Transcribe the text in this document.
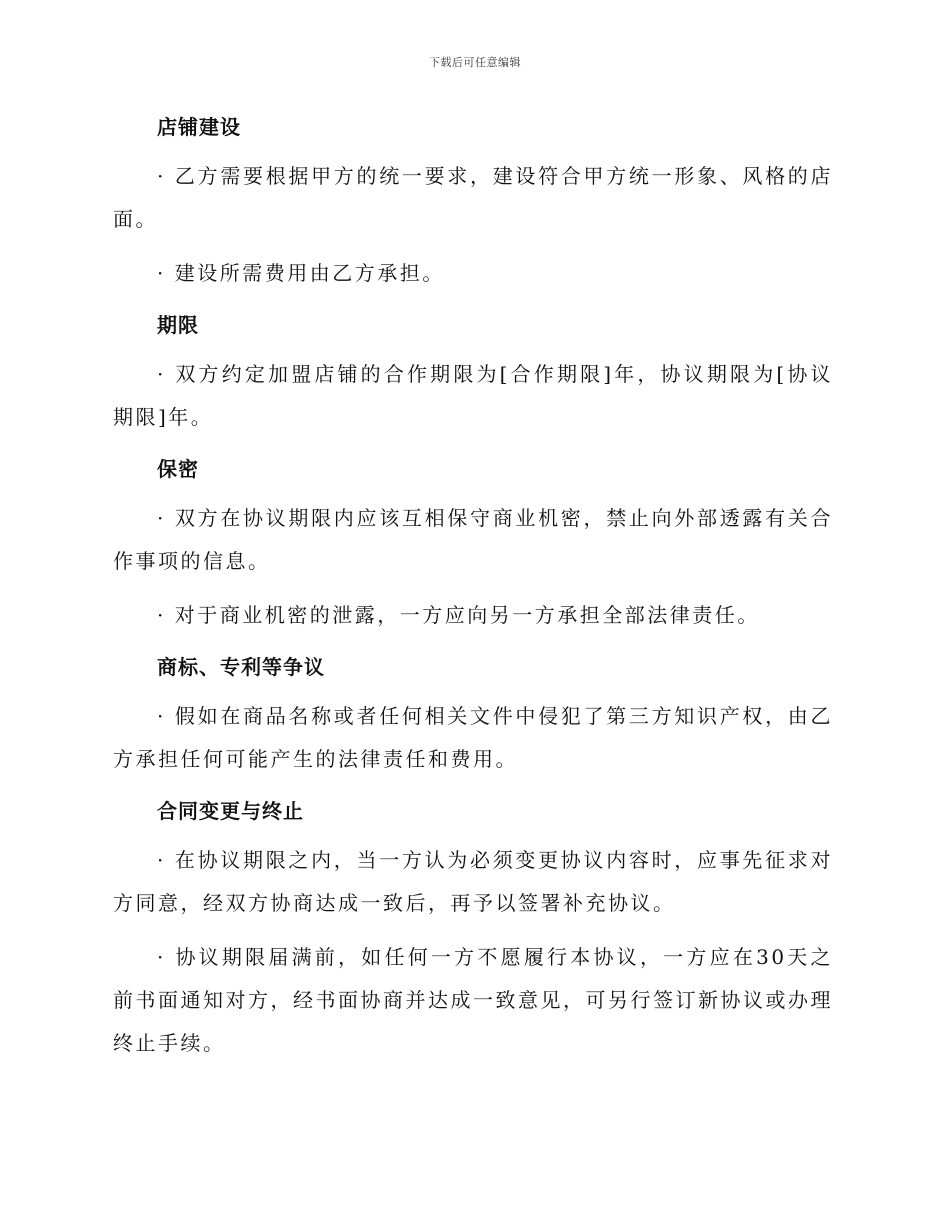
下载后可任意编辑
店铺建设

· 乙方需要根据甲方的统一要求，建设符合甲方统一形象、风格的店面。

· 建设所需费用由乙方承担。

期限

· 双方约定加盟店铺的合作期限为[合作期限]年，协议期限为[协议期限]年。

保密

· 双方在协议期限内应该互相保守商业机密，禁止向外部透露有关合作事项的信息。

· 对于商业机密的泄露，一方应向另一方承担全部法律责任。

商标、专利等争议

· 假如在商品名称或者任何相关文件中侵犯了第三方知识产权，由乙方承担任何可能产生的法律责任和费用。

合同变更与终止

· 在协议期限之内，当一方认为必须变更协议内容时，应事先征求对方同意，经双方协商达成一致后，再予以签署补充协议。

· 协议期限届满前，如任何一方不愿履行本协议，一方应在30天之前书面通知对方，经书面协商并达成一致意见，可另行签订新协议或办理终止手续。
